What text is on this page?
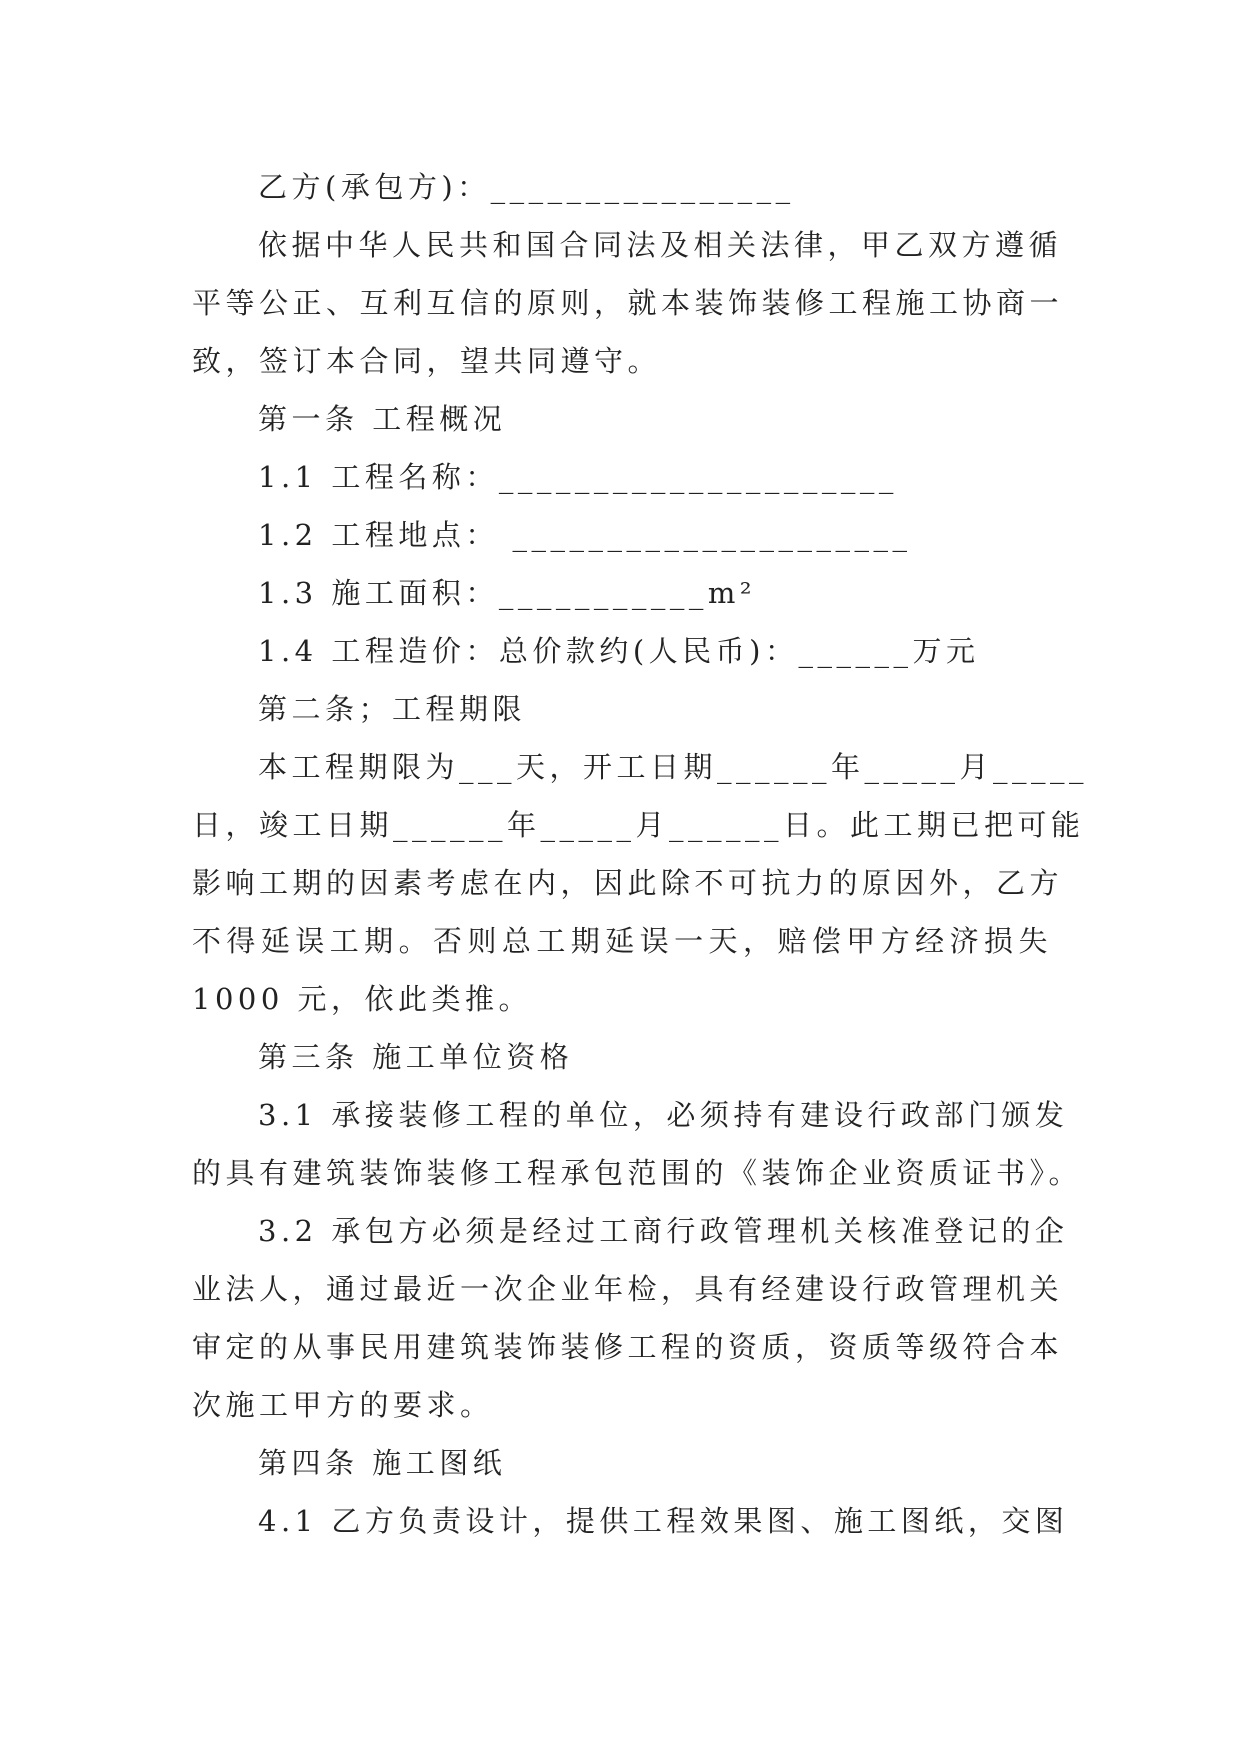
乙方(承包方)：________________
依据中华人民共和国合同法及相关法律，甲乙双方遵循
平等公正、互利互信的原则，就本装饰装修工程施工协商一
致，签订本合同，望共同遵守。
第一条 工程概况
1.1 工程名称：_____________________
1.2 工程地点： _____________________
1.3 施工面积：___________m²
1.4 工程造价：总价款约(人民币)：______万元
第二条；工程期限
本工程期限为___天，开工日期______年_____月_____
日，竣工日期______年_____月______日。此工期已把可能
影响工期的因素考虑在内，因此除不可抗力的原因外，乙方
不得延误工期。否则总工期延误一天，赔偿甲方经济损失
1000 元，依此类推。
第三条 施工单位资格
3.1 承接装修工程的单位，必须持有建设行政部门颁发
的具有建筑装饰装修工程承包范围的《装饰企业资质证书》。
3.2 承包方必须是经过工商行政管理机关核准登记的企
业法人，通过最近一次企业年检，具有经建设行政管理机关
审定的从事民用建筑装饰装修工程的资质，资质等级符合本
次施工甲方的要求。
第四条 施工图纸
4.1 乙方负责设计，提供工程效果图、施工图纸，交图
